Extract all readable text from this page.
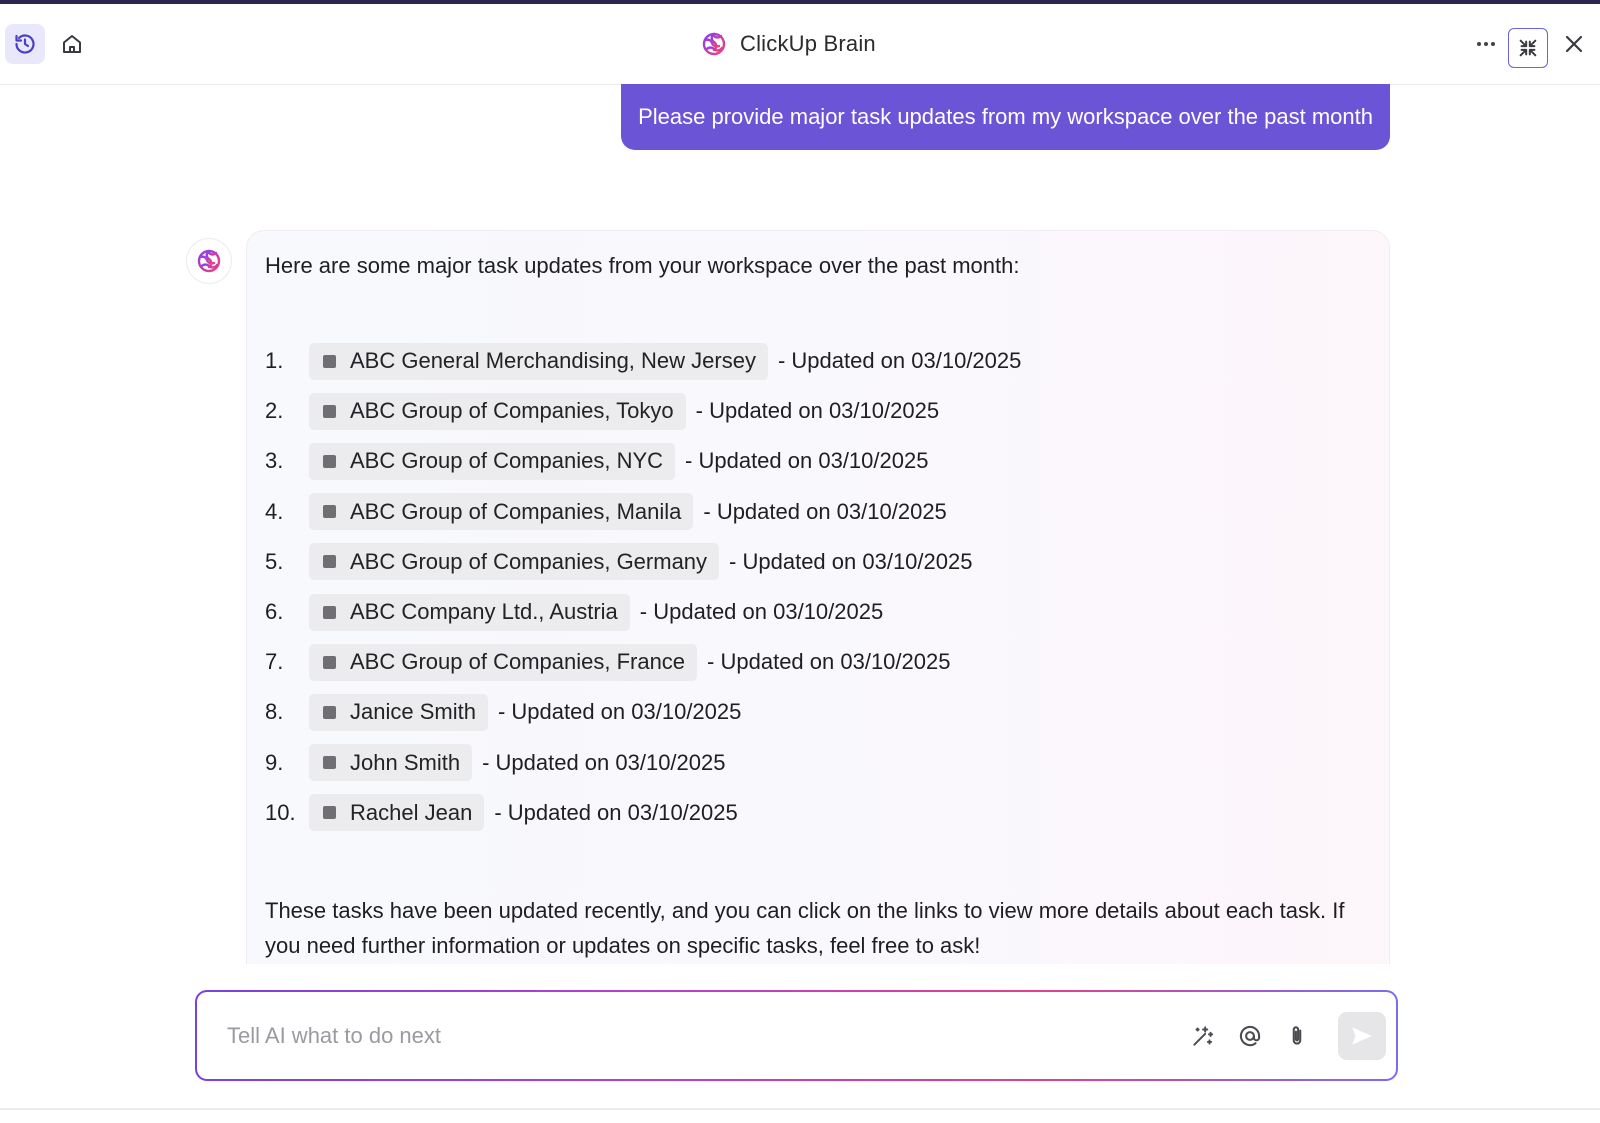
ClickUp Brain
Please provide major task updates from my workspace over the past month

Here are some major task updates from your workspace over the past month:

1.	ABC General Merchandising, New Jersey - Updated on 03/10/2025
2.	ABC Group of Companies, Tokyo - Updated on 03/10/2025
3.	ABC Group of Companies, NYC - Updated on 03/10/2025
4.	ABC Group of Companies, Manila - Updated on 03/10/2025
5.	ABC Group of Companies, Germany - Updated on 03/10/2025
6.	ABC Company Ltd., Austria - Updated on 03/10/2025
7.	ABC Group of Companies, France - Updated on 03/10/2025
8.	Janice Smith - Updated on 03/10/2025
9.	John Smith - Updated on 03/10/2025
10.	Rachel Jean - Updated on 03/10/2025

These tasks have been updated recently, and you can click on the links to view more details about each task. If you need further information or updates on specific tasks, feel free to ask!

Tell AI what to do next
